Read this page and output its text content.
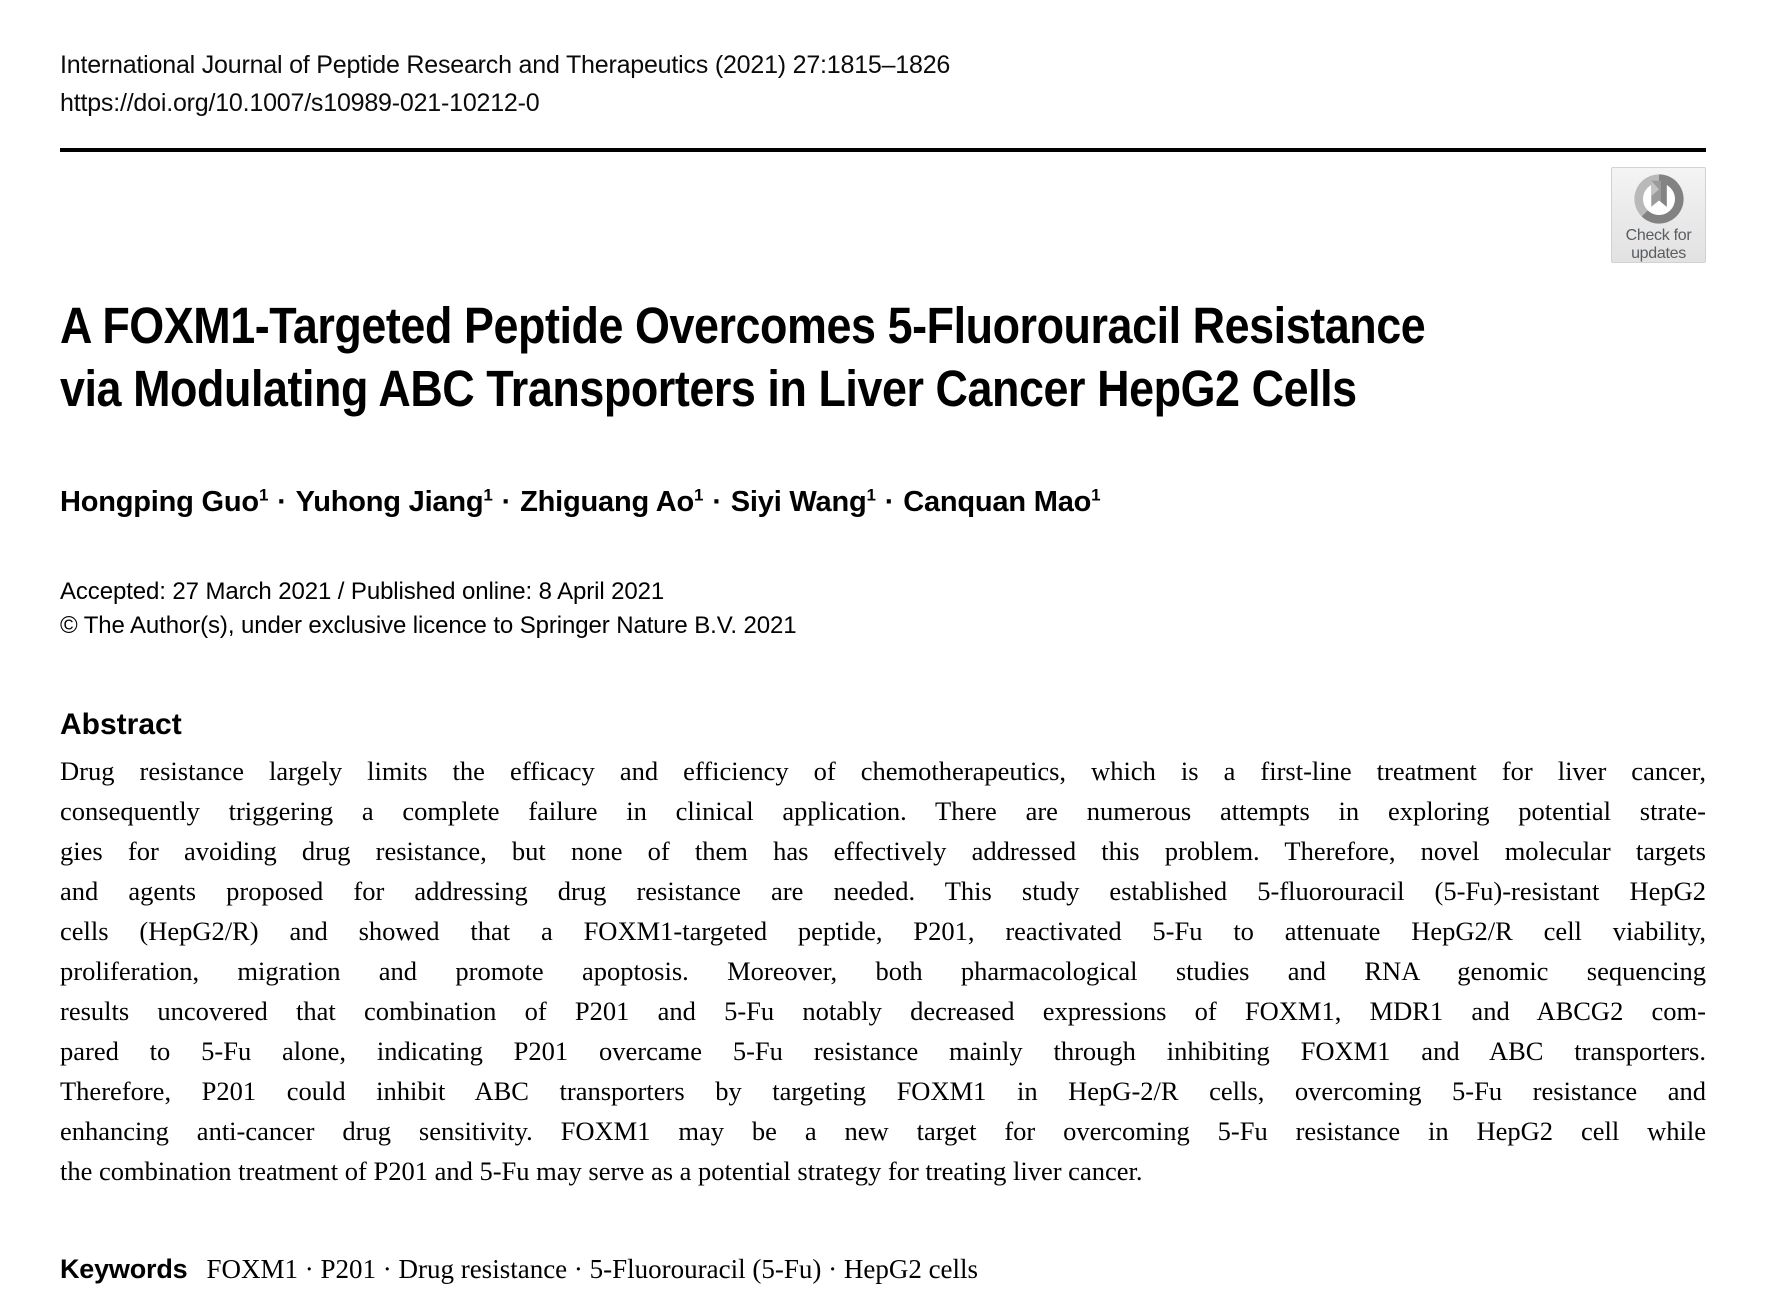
International Journal of Peptide Research and Therapeutics (2021) 27:1815–1826
https://doi.org/10.1007/s10989-021-10212-0
Check for
updates
A FOXM1-Targeted Peptide Overcomes 5-Fluorouracil Resistance
via Modulating ABC Transporters in Liver Cancer HepG2 Cells
Hongping Guo$^1$ · Yuhong Jiang$^1$ · Zhiguang $Ao^1$ · Siyi Wang$^1$ · Canquan Mao$^1$
Accepted: 27 March 2021 / Published online: 8 April 2021
© The Author(s), under exclusive licence to Springer Nature B.V. 2021
Abstract
Drug resistance largely limits the efficacy and efficiency of chemotherapeutics, which is a first-line treatment for liver cancer,
consequently triggering a complete failure in clinical application. There are numerous attempts in exploring potential strate-
gies for avoiding drug resistance, but none of them has effectively addressed this problem. Therefore, novel molecular targets
and agents proposed for addressing drug resistance are needed. This study established 5-fluorouracil (5-Fu)-resistant HepG2
cells (HepG2/R) and showed that a FOXM1-targeted peptide, P201, reactivated 5-Fu to attenuate HepG2/R cell viability,
proliferation, migration and promote apoptosis. Moreover, both pharmacological studies and RNA genomic sequencing
results uncovered that combination of P201 and 5-Fu notably decreased expressions of FOXM1, MDR1 and ABCG2 com-
pared to 5-Fu alone, indicating P201 overcame 5-Fu resistance mainly through inhibiting FOXM1 and ABC transporters.
Therefore, P201 could inhibit ABC transporters by targeting FOXM1 in HepG-2/R cells, overcoming 5-Fu resistance and
enhancing anti-cancer drug sensitivity. FOXM1 may be a new target for overcoming 5-Fu resistance in HepG2 cell while
the combination treatment of P201 and 5-Fu may serve as a potential strategy for treating liver cancer.
Keywords FOXM1 · P201 · Drug resistance · 5-Fluorouracil (5-Fu) · HepG2 cells
